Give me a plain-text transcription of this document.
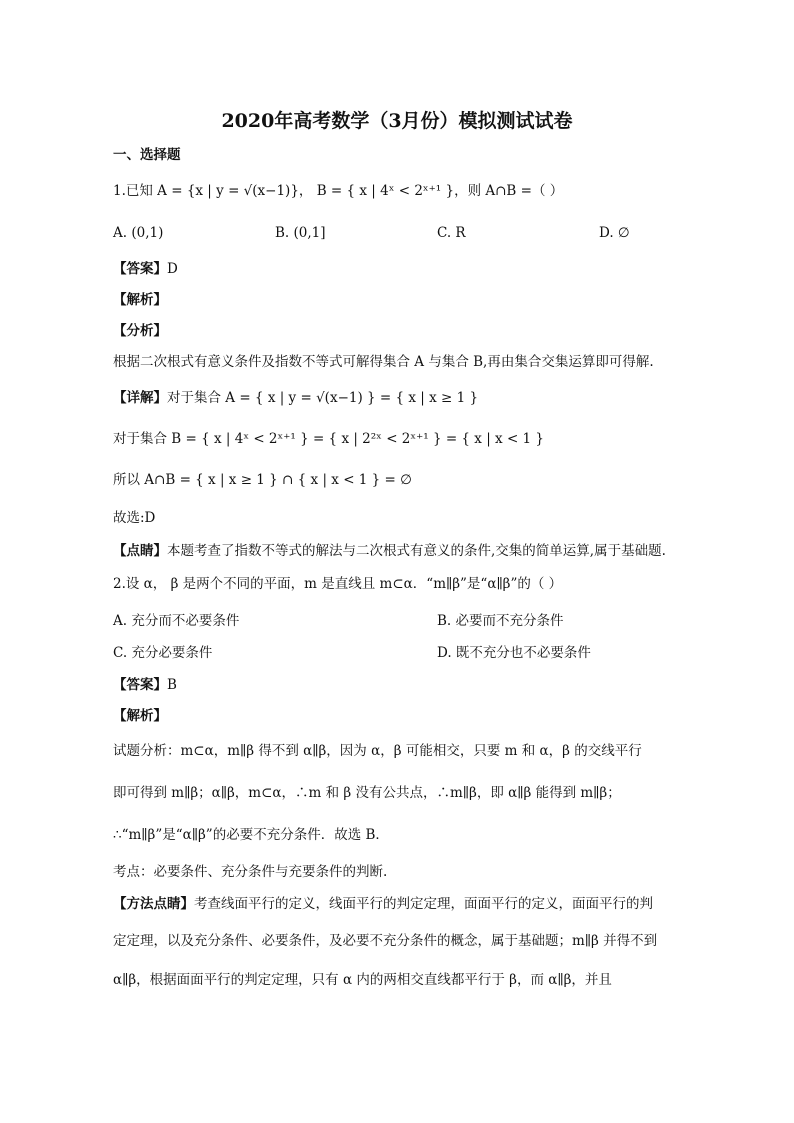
2020年高考数学（3月份）模拟测试试卷
一、选择题
1.已知 A = {x | y = √(x−1)}， B = { x | 4ˣ < 2ˣ⁺¹ }，则 A∩B =（ ）
A. (0,1)	B. (0,1]	C. R	D. ∅
【答案】D
【解析】
【分析】
根据二次根式有意义条件及指数不等式可解得集合 A 与集合 B,再由集合交集运算即可得解.
【详解】对于集合 A = { x | y = √(x−1) } = { x | x ≥ 1 }
对于集合 B = { x | 4ˣ < 2ˣ⁺¹ } = { x | 2²ˣ < 2ˣ⁺¹ } = { x | x < 1 }
所以 A∩B = { x | x ≥ 1 } ∩ { x | x < 1 } = ∅
故选:D
【点睛】本题考查了指数不等式的解法与二次根式有意义的条件,交集的简单运算,属于基础题.
2.设 α， β 是两个不同的平面，m 是直线且 m⊂α．“m∥β”是“α∥β”的（ ）
A. 充分而不必要条件	B. 必要而不充分条件
C. 充分必要条件	D. 既不充分也不必要条件
【答案】B
【解析】
试题分析：m⊂α，m∥β 得不到 α∥β，因为 α，β 可能相交，只要 m 和 α，β 的交线平行
即可得到 m∥β；α∥β，m⊂α，∴m 和 β 没有公共点，∴m∥β，即 α∥β 能得到 m∥β；
∴“m∥β”是“α∥β”的必要不充分条件．故选 B．
考点：必要条件、充分条件与充要条件的判断.
【方法点睛】考查线面平行的定义，线面平行的判定定理，面面平行的定义，面面平行的判
定定理，以及充分条件、必要条件，及必要不充分条件的概念，属于基础题；m∥β 并得不到
α∥β，根据面面平行的判定定理，只有 α 内的两相交直线都平行于 β，而 α∥β，并且
